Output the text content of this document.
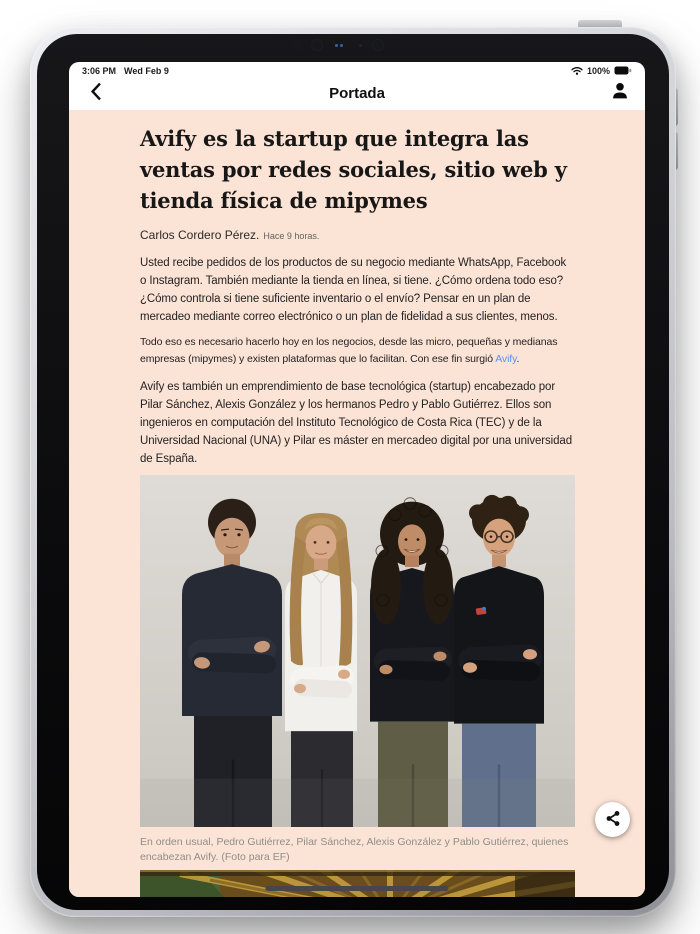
3:06 PM Wed Feb 9	100%
Portada
Avify es la startup que integra las ventas por redes sociales, sitio web y tienda física de mipymes
Carlos Cordero Pérez. Hace 9 horas.

Usted recibe pedidos de los productos de su negocio mediante WhatsApp, Facebook o Instagram. También mediante la tienda en línea, si tiene. ¿Cómo ordena todo eso? ¿Cómo controla si tiene suficiente inventario o el envío? Pensar en un plan de mercadeo mediante correo electrónico o un plan de fidelidad a sus clientes, menos.

Todo eso es necesario hacerlo hoy en los negocios, desde las micro, pequeñas y medianas empresas (mipymes) y existen plataformas que lo facilitan. Con ese fin surgió Avify.

Avify es también un emprendimiento de base tecnológica (startup) encabezado por Pilar Sánchez, Alexis González y los hermanos Pedro y Pablo Gutiérrez. Ellos son ingenieros en computación del Instituto Tecnológico de Costa Rica (TEC) y de la Universidad Nacional (UNA) y Pilar es máster en mercadeo digital por una universidad de España.

En orden usual, Pedro Gutiérrez, Pilar Sánchez, Alexis González y Pablo Gutiérrez, quienes encabezan Avify. (Foto para EF)
